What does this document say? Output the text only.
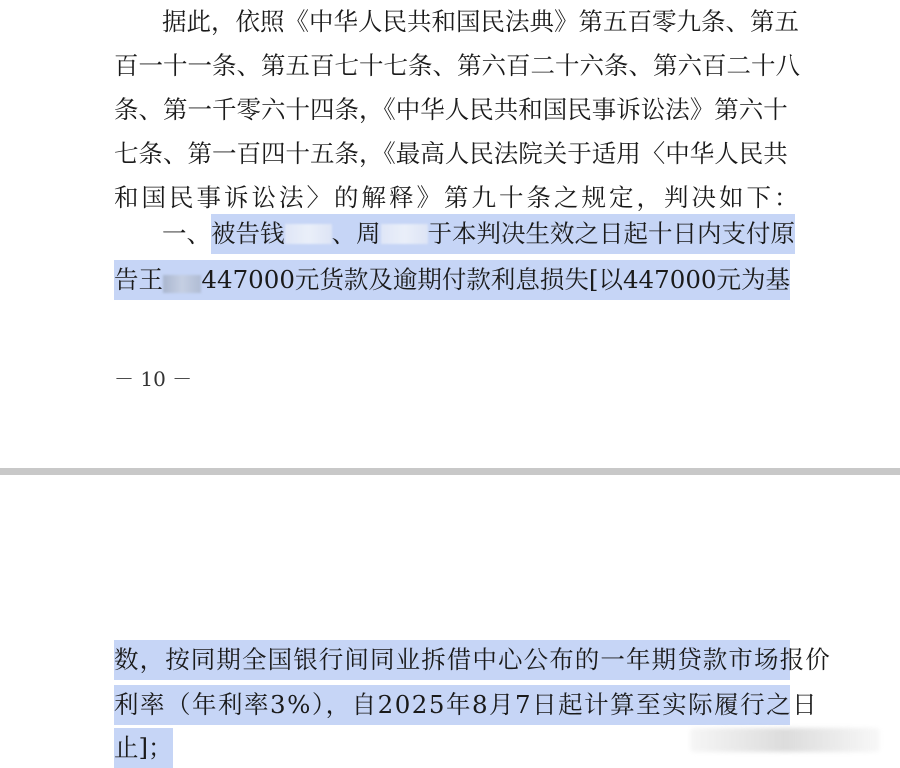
据此，依照《中华人民共和国民法典》第五百零九条、第五
百一十一条、第五百七十七条、第六百二十六条、第六百二十八
条、第一千零六十四条，《中华人民共和国民事诉讼法》第六十
七条、第一百四十五条，《最高人民法院关于适用〈中华人民共
和国民事诉讼法〉的解释》第九十条之规定，判决如下：
一、 被告钱 、周 于本判决生效之日起十日内支付原
告王 447000元货款及逾期付款利息损失[以447000元为基
－ 10 －
数，按同期全国银行间同业拆借中心公布的一年期贷款市场报价
利率（年利率3%），自2025年8月7日起计算至实际履行之日
止]；
